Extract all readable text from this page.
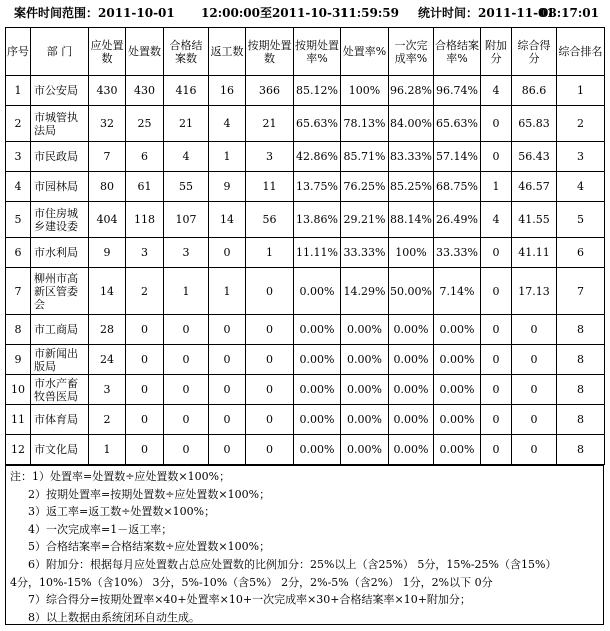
案件时间范围：2011-10-01 12:00:00至2011-10-31
11:59:59 统计时间：2011-11-01
08:17:01
序号	部 门	应处置数	处置数	合格结案数	返工数	按期处置数	按期处置率%	处置率%	一次完成率%	合格结案率%	附加分	综合得分	综合排名
1	市公安局	430	430	416	16	366	85.12%	100%	96.28%	96.74%	4	86.6	1
2	市城管执法局	32	25	21	4	21	65.63%	78.13%	84.00%	65.63%	0	65.83	2
3	市民政局	7	6	4	1	3	42.86%	85.71%	83.33%	57.14%	0	56.43	3
4	市园林局	80	61	55	9	11	13.75%	76.25%	85.25%	68.75%	1	46.57	4
5	市住房城乡建设委	404	118	107	14	56	13.86%	29.21%	88.14%	26.49%	4	41.55	5
6	市水利局	9	3	3	0	1	11.11%	33.33%	100%	33.33%	0	41.11	6
7	柳州市高新区管委会	14	2	1	1	0	0.00%	14.29%	50.00%	7.14%	0	17.13	7
8	市工商局	28	0	0	0	0	0.00%	0.00%	0.00%	0.00%	0	0	8
9	市新闻出版局	24	0	0	0	0	0.00%	0.00%	0.00%	0.00%	0	0	8
10	市水产畜牧兽医局	3	0	0	0	0	0.00%	0.00%	0.00%	0.00%	0	0	8
11	市体育局	2	0	0	0	0	0.00%	0.00%	0.00%	0.00%	0	0	8
12	市文化局	1	0	0	0	0	0.00%	0.00%	0.00%	0.00%	0	0	8
注：1）处置率=处置数÷应处置数×100%；
2）按期处置率=按期处置数÷应处置数×100%；
3）返工率=返工数÷处置数×100%；
4）一次完成率=1－返工率；
5）合格结案率=合格结案数÷应处置数×100%；
6）附加分：根据每月应处置数占总应处置数的比例加分：25%以上（含25%） 5分，15%-25%（含15%）
4分，10%-15%（含10%） 3分，5%-10%（含5%） 2分，2%-5%（含2%） 1分，2%以下 0分
7）综合得分=按期处置率×40+处置率×10+一次完成率×30+合格结案率×10+附加分；
8）以上数据由系统闭环自动生成。
